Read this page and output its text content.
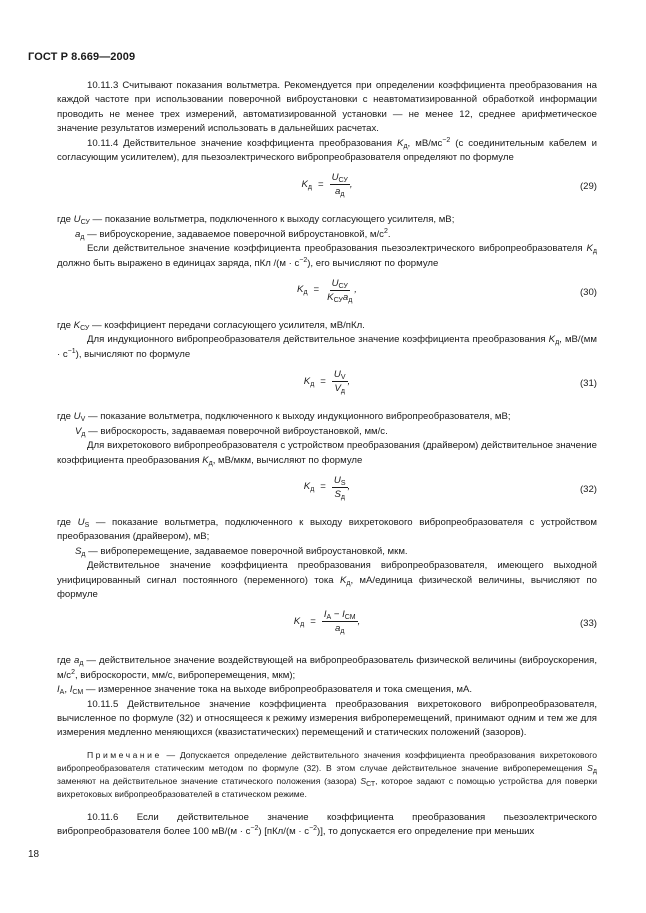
ГОСТ Р 8.669—2009

10.11.3 Считывают показания вольтметра. Рекомендуется при определении коэффициента преобразования на каждой частоте при использовании поверочной виброустановки с неавтоматизированной обработкой информации проводить не менее трех измерений, автоматизированной установки — не менее 12, среднее арифметическое значение результатов измерений использовать в дальнейших расчетах.

10.11.4 Действительное значение коэффициента преобразования $K_д$, $мВ/мс^{-2}$ (с соединительным кабелем и согласующим усилителем), для пьезоэлектрического вибропреобразователя определяют по формуле

$K_д = \frac{U_{СУ}}{a_д}$ ,	(29)

где $U_{СУ}$ — показание вольтметра, подключенного к выходу согласующего усилителя, мВ;

$a_д$ — виброускорение, задаваемое поверочной виброустановкой, $м/с^2$.

Если действительное значение коэффициента преобразования пьезоэлектрического вибропреобразователя $K_д$ должно быть выражено в единицах заряда, пКл $/(м \cdot с^{-2})$, его вычисляют по формуле

$K_д = \frac{U_{СУ}}{K_{СУ}a_д}$ ,	(30)

где $K_{СУ}$ — коэффициент передачи согласующего усилителя, мВ/пКл.

Для индукционного вибропреобразователя действительное значение коэффициента преобразования $K_д$, $мВ/(мм \cdot с^{-1})$, вычисляют по формуле

$K_д = \frac{U_V}{V_д}$ ,	(31)

где $U_V$ — показание вольтметра, подключенного к выходу индукционного вибропреобразователя, мВ;

$V_д$ — виброскорость, задаваемая поверочной виброустановкой, мм/с.

Для вихретокового вибропреобразователя с устройством преобразования (драйвером) действительное значение коэффициента преобразования $K_д$, мВ/мкм, вычисляют по формуле

$K_д = \frac{U_S}{S_д}$ ,	(32)

где $U_S$ — показание вольтметра, подключенного к выходу вихретокового вибропреобразователя с устройством преобразования (драйвером), мВ;

$S_д$ — виброперемещение, задаваемое поверочной виброустановкой, мкм.

Действительное значение коэффициента преобразования вибропреобразователя, имеющего выходной унифицированный сигнал постоянного (переменного) тока $K_д$, мА/единица физической величины, вычисляют по формуле

$K_д = \frac{I_А - I_{СМ}}{a_д}$ ,	(33)

где $a_д$ — действительное значение воздействующей на вибропреобразователь физической величины (виброускорения, $м/с^2$, виброскорости, мм/с, виброперемещения, мкм);

$I_А$, $I_{СМ}$ — измеренное значение тока на выходе вибропреобразователя и тока смещения, мА.

10.11.5 Действительное значение коэффициента преобразования вихретокового вибропреобразователя, вычисленное по формуле (32) и относящееся к режиму измерения виброперемещений, принимают одним и тем же для измерения медленно меняющихся (квазистатических) перемещений и статических положений (зазоров).

Примечание — Допускается определение действительного значения коэффициента преобразования вихретокового вибропреобразователя статическим методом по формуле (32). В этом случае действительное значение виброперемещения $S_д$ заменяют на действительное значение статического положения (зазора) $S_{СТ}$, которое задают с помощью устройства для поверки вихретоковых вибропреобразователей в статическом режиме.

10.11.6 Если действительное значение коэффициента преобразования пьезоэлектрического вибропреобразователя более 100 $мВ/(м \cdot с^{-2})$ $[пКл/(м \cdot с^{-2})]$, то допускается его определение при меньших

18
